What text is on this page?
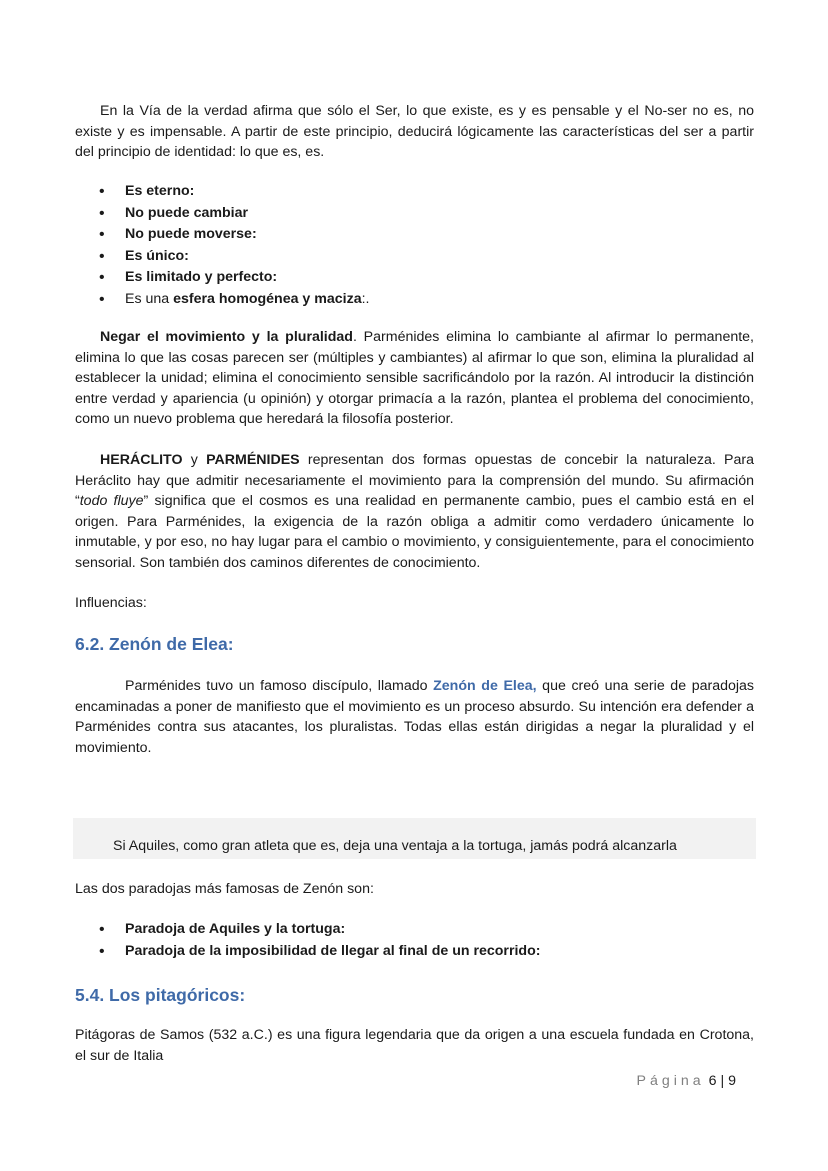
En la Vía de la verdad afirma que sólo el Ser, lo que existe, es y es pensable y el No-ser no es, no existe y es impensable. A partir de este principio, deducirá lógicamente las características del ser a partir del principio de identidad: lo que es, es.

• Es eterno:
• No puede cambiar
• No puede moverse:
• Es único:
• Es limitado y perfecto:
• Es una esfera homogénea y maciza:.

Negar el movimiento y la pluralidad. Parménides elimina lo cambiante al afirmar lo permanente, elimina lo que las cosas parecen ser (múltiples y cambiantes) al afirmar lo que son, elimina la pluralidad al establecer la unidad; elimina el conocimiento sensible sacrificándolo por la razón. Al introducir la distinción entre verdad y apariencia (u opinión) y otorgar primacía a la razón, plantea el problema del conocimiento, como un nuevo problema que heredará la filosofía posterior.

HERÁCLITO y PARMÉNIDES representan dos formas opuestas de concebir la naturaleza. Para Heráclito hay que admitir necesariamente el movimiento para la comprensión del mundo. Su afirmación “todo fluye” significa que el cosmos es una realidad en permanente cambio, pues el cambio está en el origen. Para Parménides, la exigencia de la razón obliga a admitir como verdadero únicamente lo inmutable, y por eso, no hay lugar para el cambio o movimiento, y consiguientemente, para el conocimiento sensorial. Son también dos caminos diferentes de conocimiento.

Influencias:

6.2. Zenón de Elea:

Parménides tuvo un famoso discípulo, llamado Zenón de Elea, que creó una serie de paradojas encaminadas a poner de manifiesto que el movimiento es un proceso absurdo. Su intención era defender a Parménides contra sus atacantes, los pluralistas. Todas ellas están dirigidas a negar la pluralidad y el movimiento.

Si Aquiles, como gran atleta que es, deja una ventaja a la tortuga, jamás podrá alcanzarla

Las dos paradojas más famosas de Zenón son:

• Paradoja de Aquiles y la tortuga:
• Paradoja de la imposibilidad de llegar al final de un recorrido:
5.4. Los pitagóricos:

Pitágoras de Samos (532 a.C.) es una figura legendaria que da origen a una escuela fundada en Crotona, el sur de Italia

Página 6 | 9
